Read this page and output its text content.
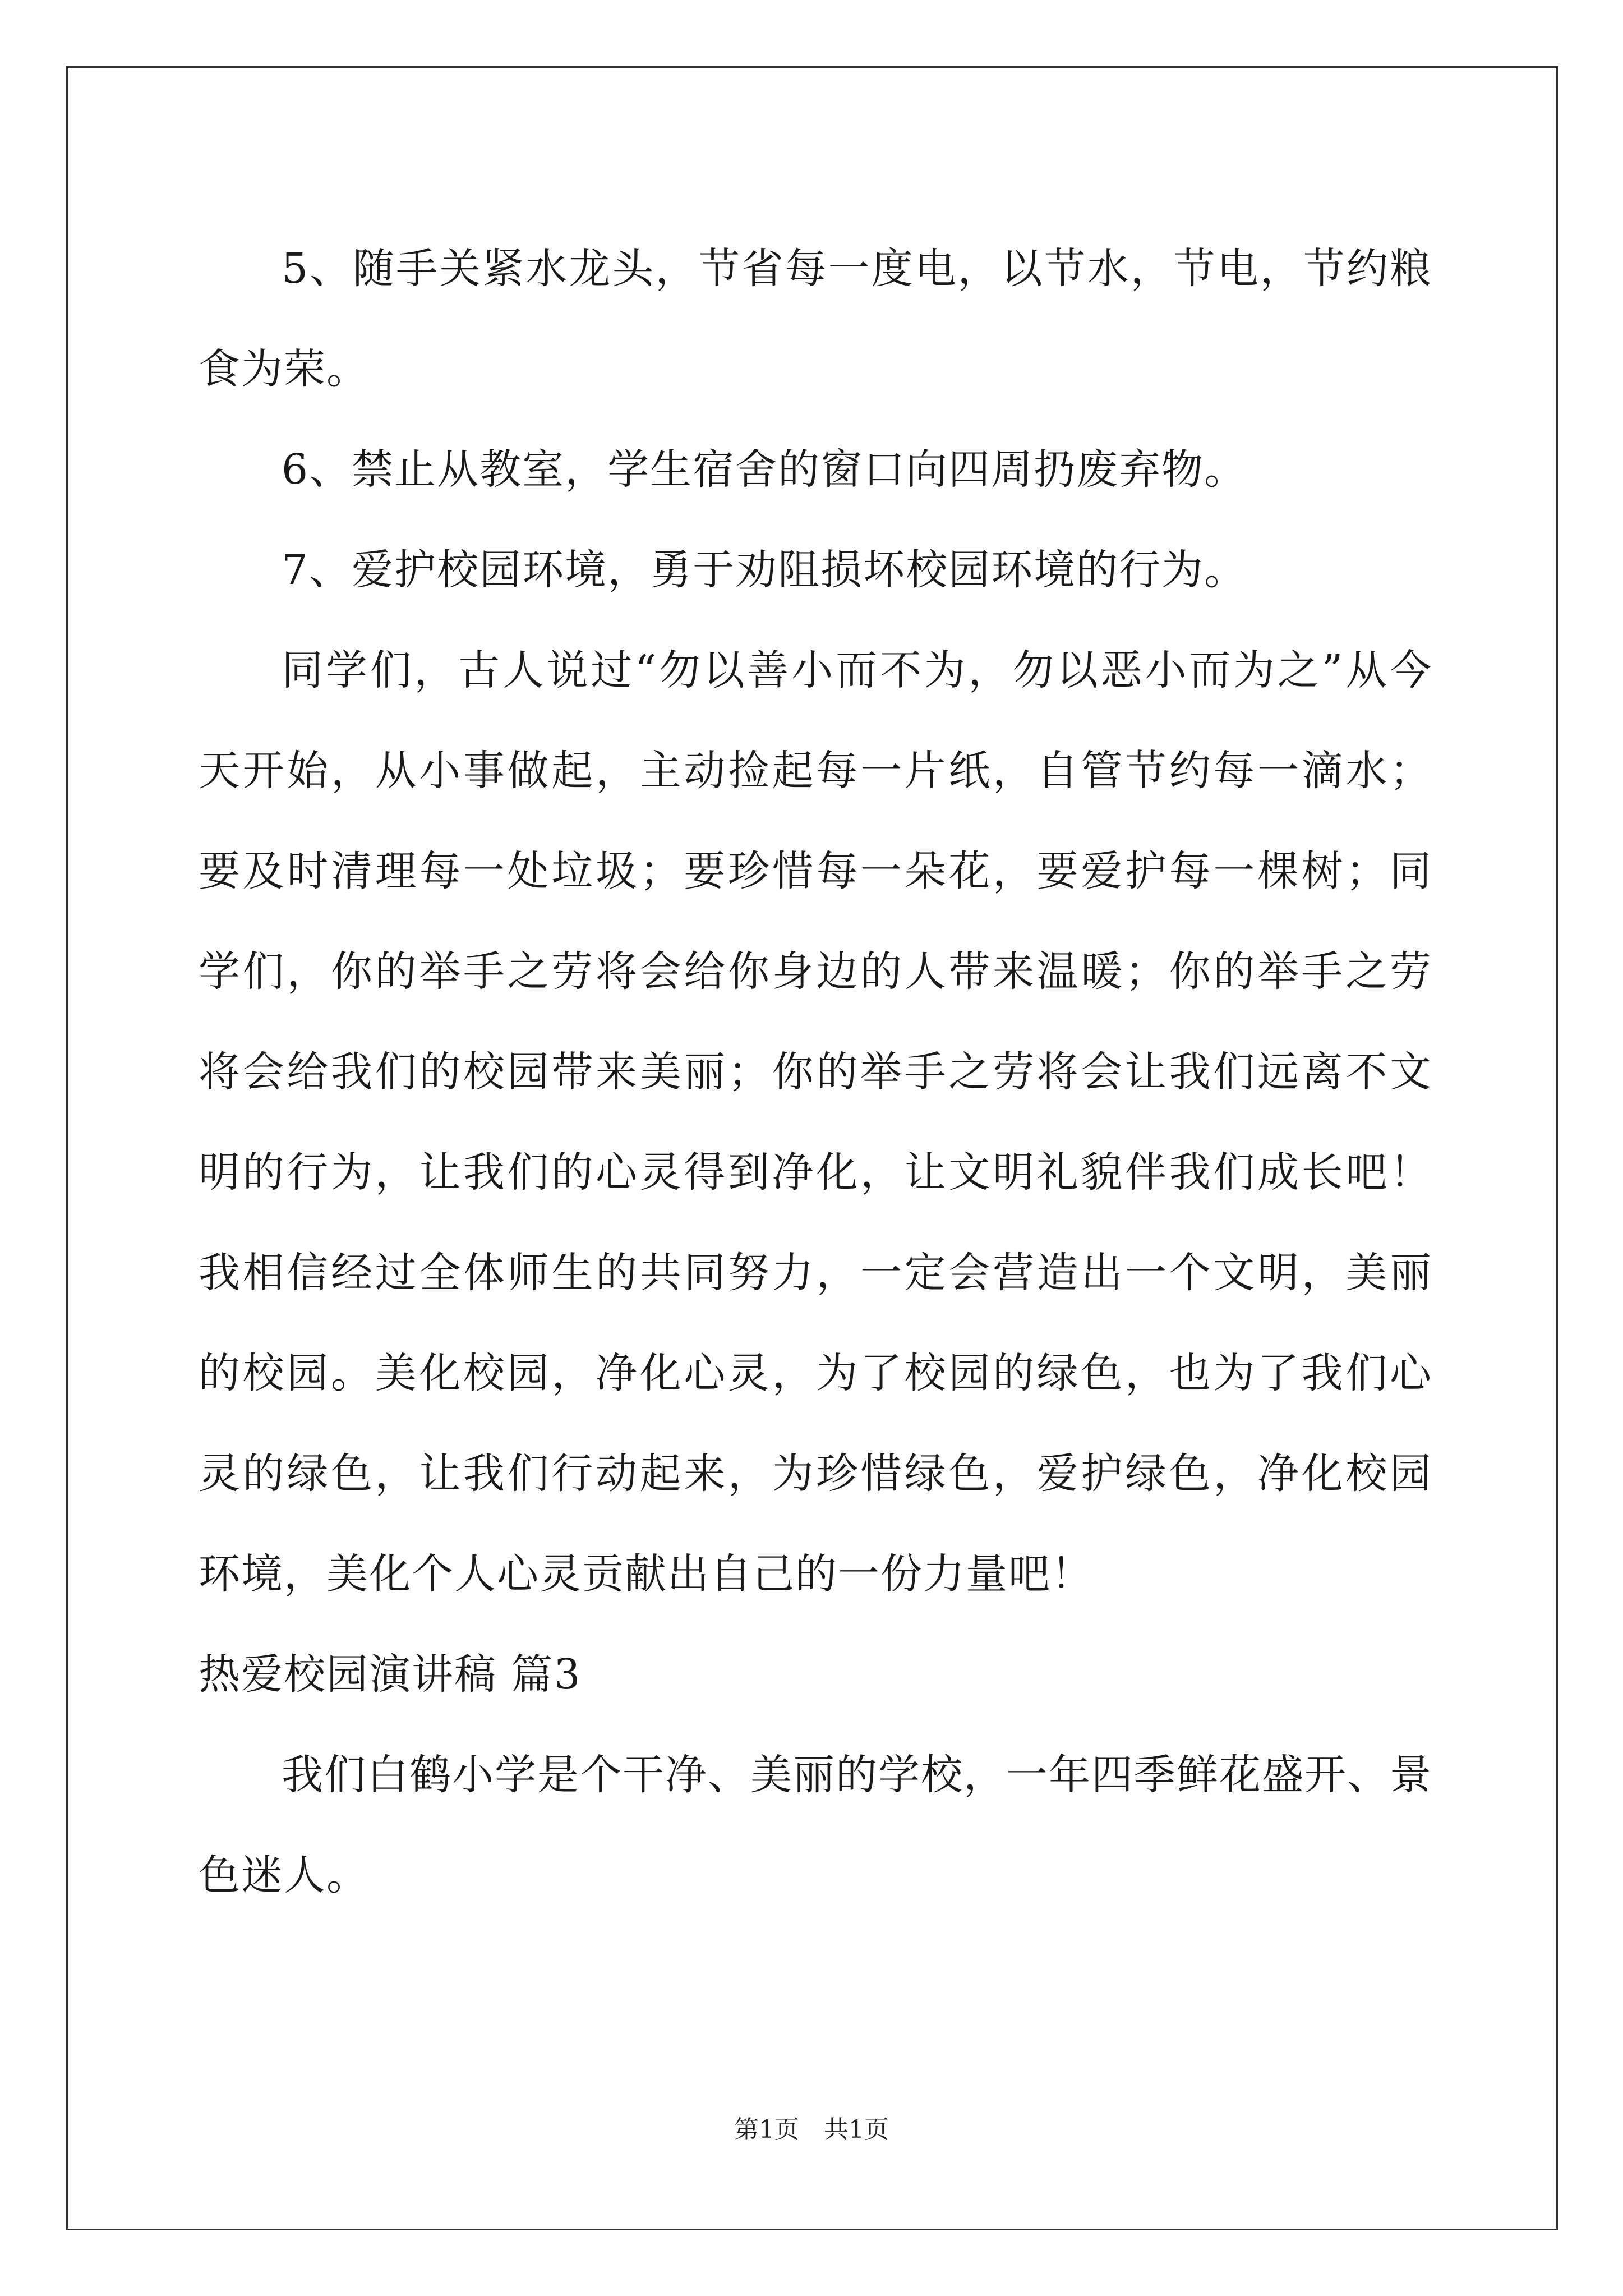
5、随手关紧水龙头，节省每一度电，以节水，节电，节约粮食为荣。

6、禁止从教室，学生宿舍的窗口向四周扔废弃物。

7、爱护校园环境，勇于劝阻损坏校园环境的行为。

同学们，古人说过“勿以善小而不为，勿以恶小而为之”从今天开始，从小事做起，主动捡起每一片纸，自管节约每一滴水；要及时清理每一处垃圾；要珍惜每一朵花，要爱护每一棵树；同学们，你的举手之劳将会给你身边的人带来温暖；你的举手之劳将会给我们的校园带来美丽；你的举手之劳将会让我们远离不文明的行为，让我们的心灵得到净化，让文明礼貌伴我们成长吧！我相信经过全体师生的共同努力，一定会营造出一个文明，美丽的校园。美化校园，净化心灵，为了校园的绿色，也为了我们心灵的绿色，让我们行动起来，为珍惜绿色，爱护绿色，净化校园环境，美化个人心灵贡献出自己的一份力量吧！

热爱校园演讲稿 篇3

我们白鹤小学是个干净、美丽的学校，一年四季鲜花盛开、景色迷人。

第1页　共1页
